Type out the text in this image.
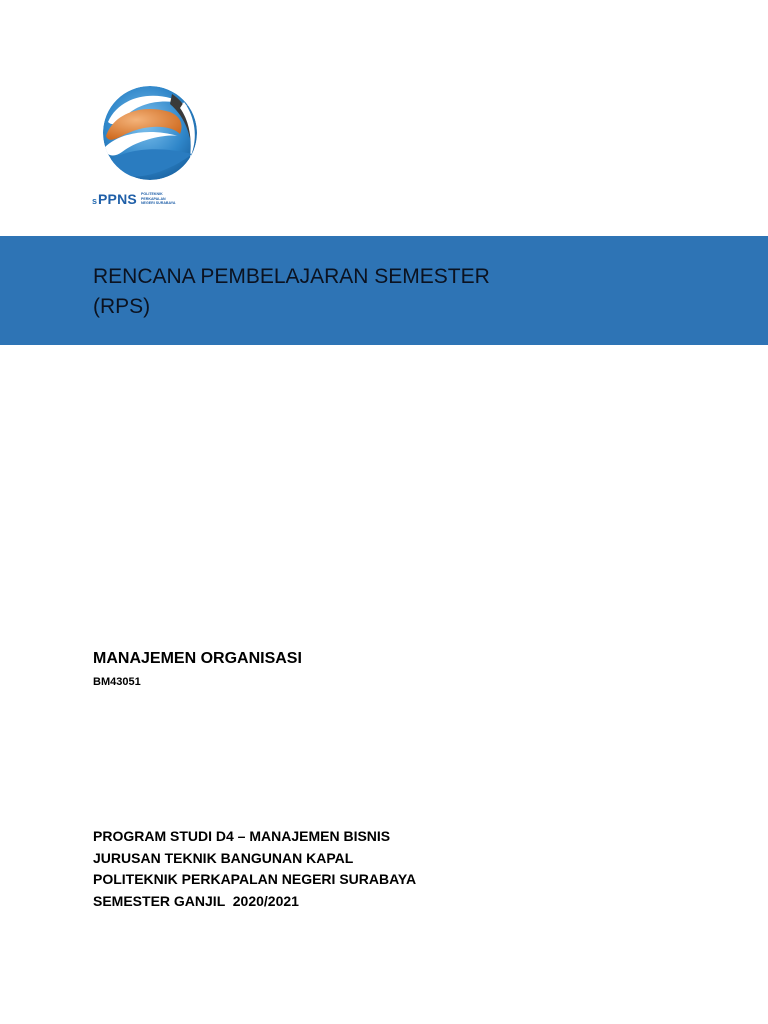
s PPNS POLITEKNIK
PERKAPALAN
NEGERI SURABAYA
RENCANA PEMBELAJARAN SEMESTER
(RPS)
MANAJEMEN ORGANISASI
BM43051
PROGRAM STUDI D4 – MANAJEMEN BISNIS
JURUSAN TEKNIK BANGUNAN KAPAL
POLITEKNIK PERKAPALAN NEGERI SURABAYA
SEMESTER GANJIL  2020/2021
